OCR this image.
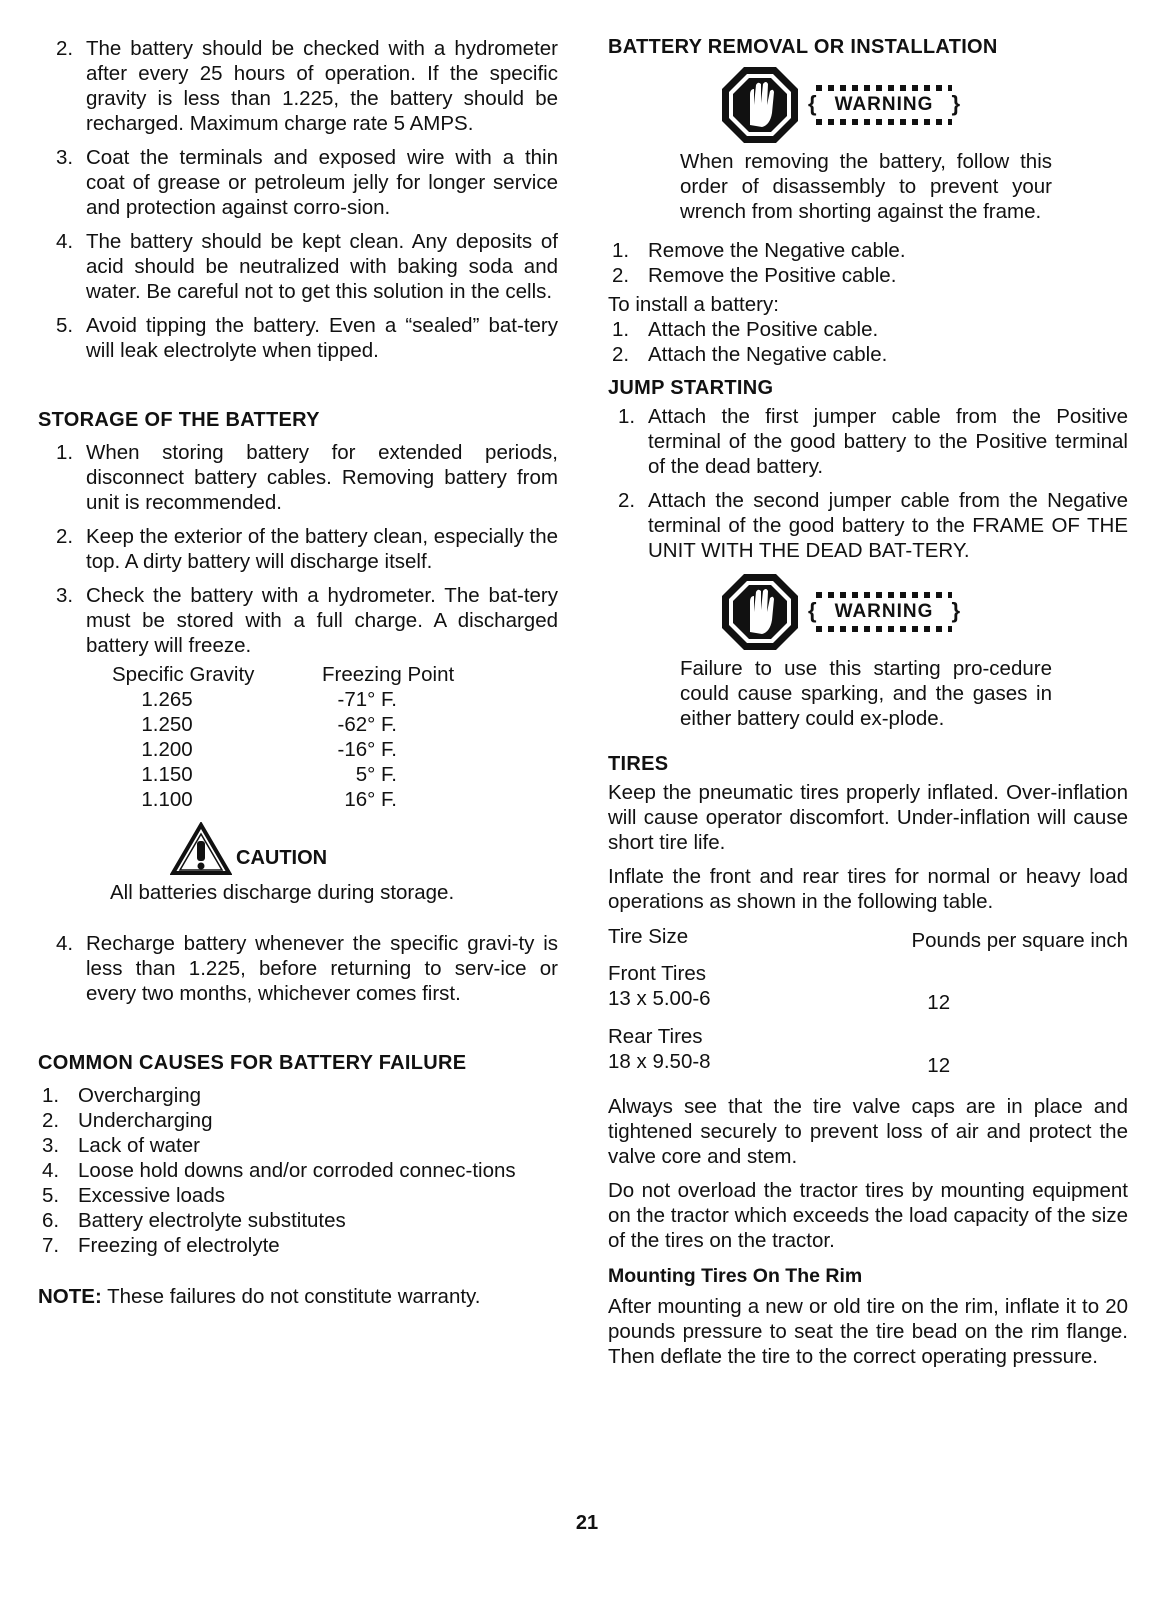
2. The battery should be checked with a hydrometer after every 25 hours of operation. If the specific gravity is less than 1.225, the battery should be recharged. Maximum charge rate 5 AMPS.
3. Coat the terminals and exposed wire with a thin coat of grease or petroleum jelly for longer service and protection against corro-sion.
4. The battery should be kept clean. Any deposits of acid should be neutralized with baking soda and water. Be careful not to get this solution in the cells.
5. Avoid tipping the battery. Even a “sealed” bat-tery will leak electrolyte when tipped.
STORAGE OF THE BATTERY
1. When storing battery for extended periods, disconnect battery cables. Removing battery from unit is recommended.
2. Keep the exterior of the battery clean, especially the top. A dirty battery will discharge itself.
3. Check the battery with a hydrometer. The bat-tery must be stored with a full charge. A discharged battery will freeze.
Specific Gravity	Freezing Point
1.265	-71° F.
1.250	-62° F.
1.200	-16° F.
1.150	5° F.
1.100	16° F.
CAUTION
All batteries discharge during storage.
4. Recharge battery whenever the specific gravi-ty is less than 1.225, before returning to serv-ice or every two months, whichever comes first.
COMMON CAUSES FOR BATTERY FAILURE
1. Overcharging
2. Undercharging
3. Lack of water
4. Loose hold downs and/or corroded connec-tions
5. Excessive loads
6. Battery electrolyte substitutes
7. Freezing of electrolyte
NOTE: These failures do not constitute warranty.
BATTERY REMOVAL OR INSTALLATION
{ WARNING }
When removing the battery, follow this order of disassembly to prevent your wrench from shorting against the frame.
1. Remove the Negative cable.
2. Remove the Positive cable.
To install a battery:
1. Attach the Positive cable.
2. Attach the Negative cable.
JUMP STARTING
1. Attach the first jumper cable from the Positive terminal of the good battery to the Positive terminal of the dead battery.
2. Attach the second jumper cable from the Negative terminal of the good battery to the FRAME OF THE UNIT WITH THE DEAD BAT-TERY.
{ WARNING }
Failure to use this starting pro-cedure could cause sparking, and the gases in either battery could ex-plode.
TIRES
Keep the pneumatic tires properly inflated. Over-inflation will cause operator discomfort. Under-inflation will cause short tire life.
Inflate the front and rear tires for normal or heavy load operations as shown in the following table.
Tire Size	Pounds per square inch
Front Tires
13 x 5.00-6	12
Rear Tires
18 x 9.50-8	12
Always see that the tire valve caps are in place and tightened securely to prevent loss of air and protect the valve core and stem.
Do not overload the tractor tires by mounting equipment on the tractor which exceeds the load capacity of the size of the tires on the tractor.
Mounting Tires On The Rim
After mounting a new or old tire on the rim, inflate it to 20 pounds pressure to seat the tire bead on the rim flange. Then deflate the tire to the correct operating pressure.
21
